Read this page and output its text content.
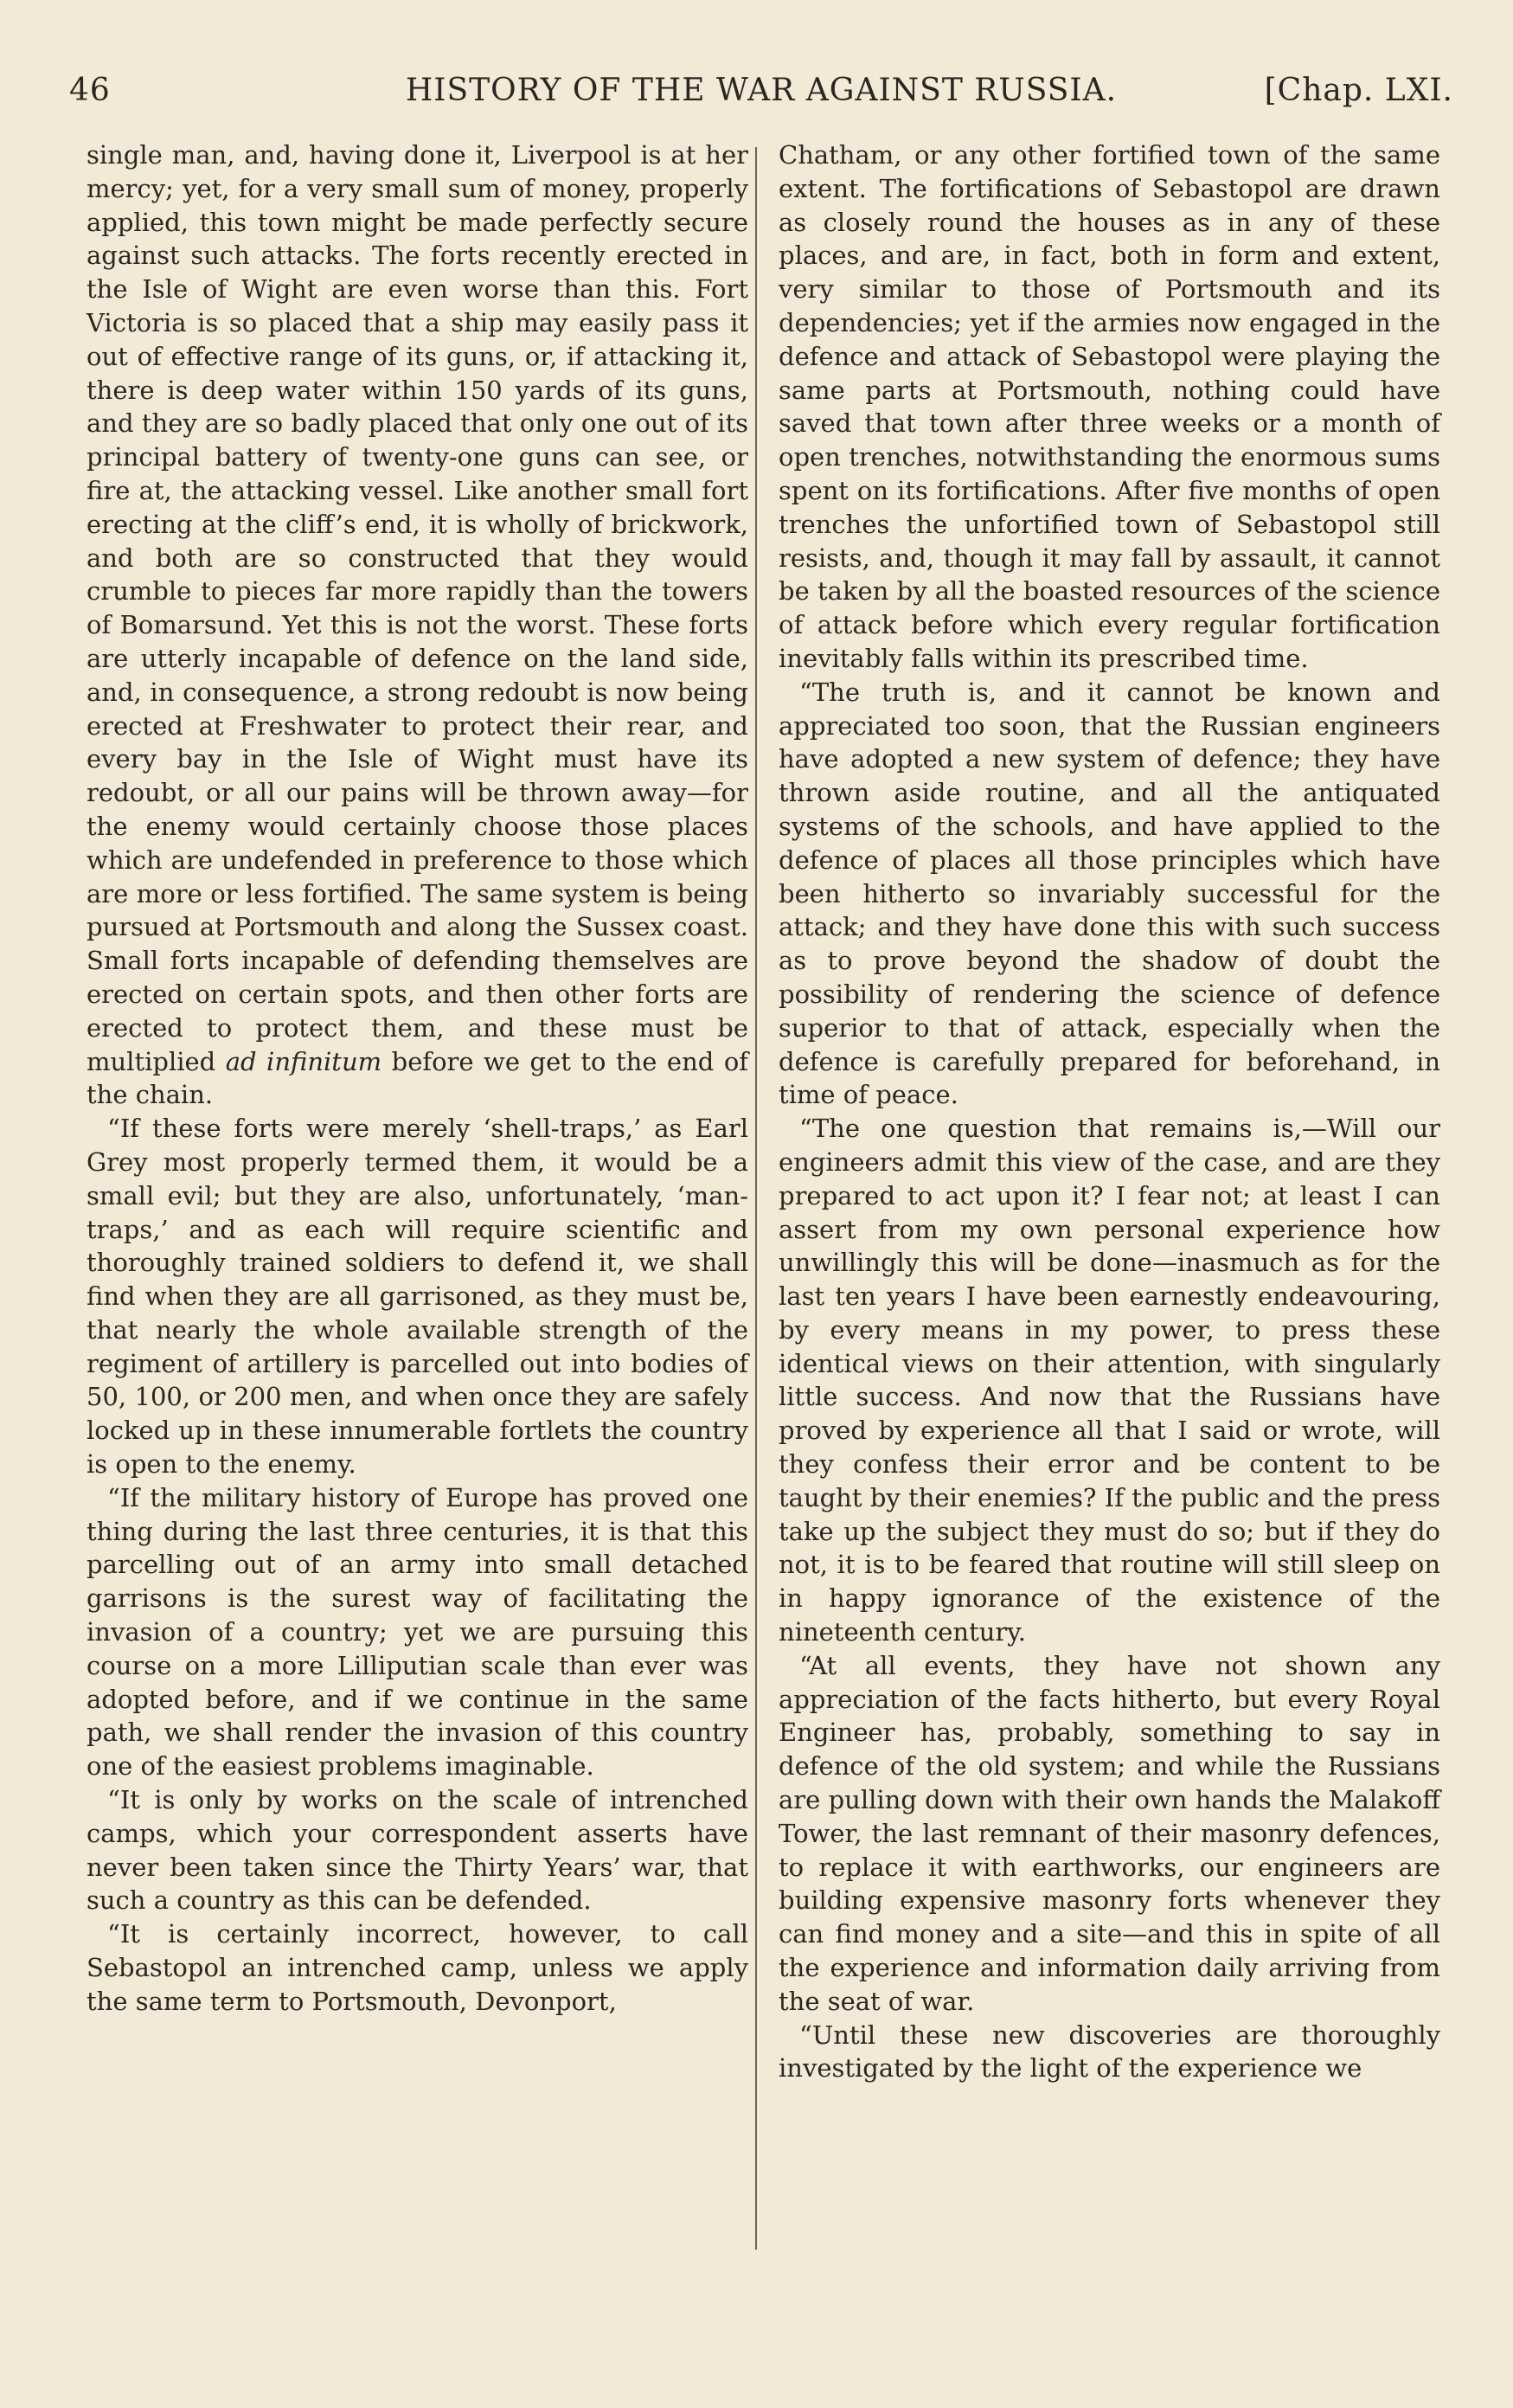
46	HISTORY OF THE WAR AGAINST RUSSIA.	[Chap. LXI.

single man, and, having done it, Liverpool is at her mercy; yet, for a very small sum of money, properly applied, this town might be made perfectly secure against such attacks. The forts recently erected in the Isle of Wight are even worse than this. Fort Victoria is so placed that a ship may easily pass it out of effective range of its guns, or, if attacking it, there is deep water within 150 yards of its guns, and they are so badly placed that only one out of its principal battery of twenty-one guns can see, or fire at, the attacking vessel. Like another small fort erecting at the cliff’s end, it is wholly of brickwork, and both are so constructed that they would crumble to pieces far more rapidly than the towers of Bomarsund. Yet this is not the worst. These forts are utterly incapable of defence on the land side, and, in consequence, a strong redoubt is now being erected at Freshwater to protect their rear, and every bay in the Isle of Wight must have its redoubt, or all our pains will be thrown away—for the enemy would certainly choose those places which are undefended in preference to those which are more or less fortified. The same system is being pursued at Portsmouth and along the Sussex coast. Small forts incapable of defending themselves are erected on certain spots, and then other forts are erected to protect them, and these must be multiplied ad infinitum before we get to the end of the chain.

“If these forts were merely ‘shell-traps,’ as Earl Grey most properly termed them, it would be a small evil; but they are also, unfortunately, ‘man-traps,’ and as each will require scientific and thoroughly trained soldiers to defend it, we shall find when they are all garrisoned, as they must be, that nearly the whole available strength of the regiment of artillery is parcelled out into bodies of 50, 100, or 200 men, and when once they are safely locked up in these innumerable fortlets the country is open to the enemy.

“If the military history of Europe has proved one thing during the last three centuries, it is that this parcelling out of an army into small detached garrisons is the surest way of facilitating the invasion of a country; yet we are pursuing this course on a more Lilliputian scale than ever was adopted before, and if we continue in the same path, we shall render the invasion of this country one of the easiest problems imaginable.

“It is only by works on the scale of intrenched camps, which your correspondent asserts have never been taken since the Thirty Years’ war, that such a country as this can be defended.

“It is certainly incorrect, however, to call Sebastopol an intrenched camp, unless we apply the same term to Portsmouth, Devonport,

Chatham, or any other fortified town of the same extent. The fortifications of Sebastopol are drawn as closely round the houses as in any of these places, and are, in fact, both in form and extent, very similar to those of Portsmouth and its dependencies; yet if the armies now engaged in the defence and attack of Sebastopol were playing the same parts at Portsmouth, nothing could have saved that town after three weeks or a month of open trenches, notwithstanding the enormous sums spent on its fortifications. After five months of open trenches the unfortified town of Sebastopol still resists, and, though it may fall by assault, it cannot be taken by all the boasted resources of the science of attack before which every regular fortification inevitably falls within its prescribed time.

“The truth is, and it cannot be known and appreciated too soon, that the Russian engineers have adopted a new system of defence; they have thrown aside routine, and all the antiquated systems of the schools, and have applied to the defence of places all those principles which have been hitherto so invariably successful for the attack; and they have done this with such success as to prove beyond the shadow of doubt the possibility of rendering the science of defence superior to that of attack, especially when the defence is carefully prepared for beforehand, in time of peace.

“The one question that remains is,—Will our engineers admit this view of the case, and are they prepared to act upon it? I fear not; at least I can assert from my own personal experience how unwillingly this will be done—inasmuch as for the last ten years I have been earnestly endeavouring, by every means in my power, to press these identical views on their attention, with singularly little success. And now that the Russians have proved by experience all that I said or wrote, will they confess their error and be content to be taught by their enemies? If the public and the press take up the subject they must do so; but if they do not, it is to be feared that routine will still sleep on in happy ignorance of the existence of the nineteenth century.

“At all events, they have not shown any appreciation of the facts hitherto, but every Royal Engineer has, probably, something to say in defence of the old system; and while the Russians are pulling down with their own hands the Malakoff Tower, the last remnant of their masonry defences, to replace it with earthworks, our engineers are building expensive masonry forts whenever they can find money and a site—and this in spite of all the experience and information daily arriving from the seat of war.

“Until these new discoveries are thoroughly investigated by the light of the experience we
